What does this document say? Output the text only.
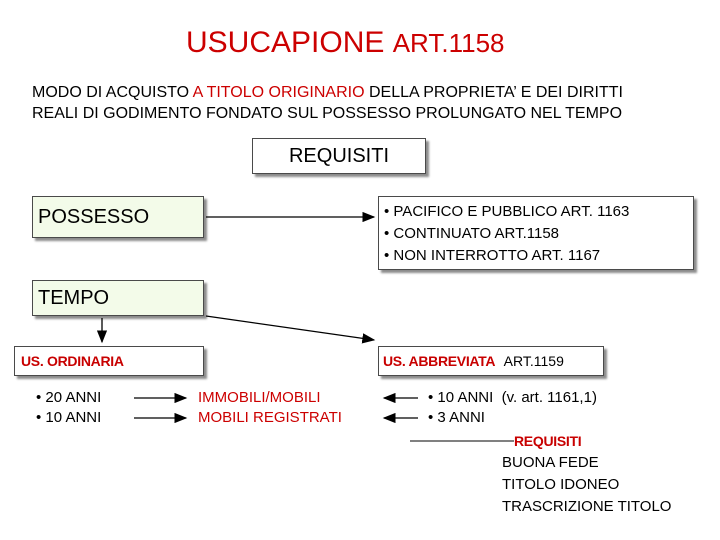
USUCAPIONE ART.1158
MODO DI ACQUISTO A TITOLO ORIGINARIO DELLA PROPRIETA’ E DEI DIRITTI
REALI DI GODIMENTO FONDATO SUL POSSESSO PROLUNGATO NEL TEMPO
REQUISITI
POSSESSO	• PACIFICO E PUBBLICO ART. 1163
• CONTINUATO ART.1158
• NON INTERROTTO ART. 1167
TEMPO
US. ORDINARIA
• 20 ANNI
• 10 ANNI
IMMOBILI/MOBILI
MOBILI REGISTRATI
US. ABBREVIATA ART.1159
• 10 ANNI  (v. art. 1161,1)
• 3 ANNI
REQUISITI
BUONA FEDE
TITOLO IDONEO
TRASCRIZIONE TITOLO
